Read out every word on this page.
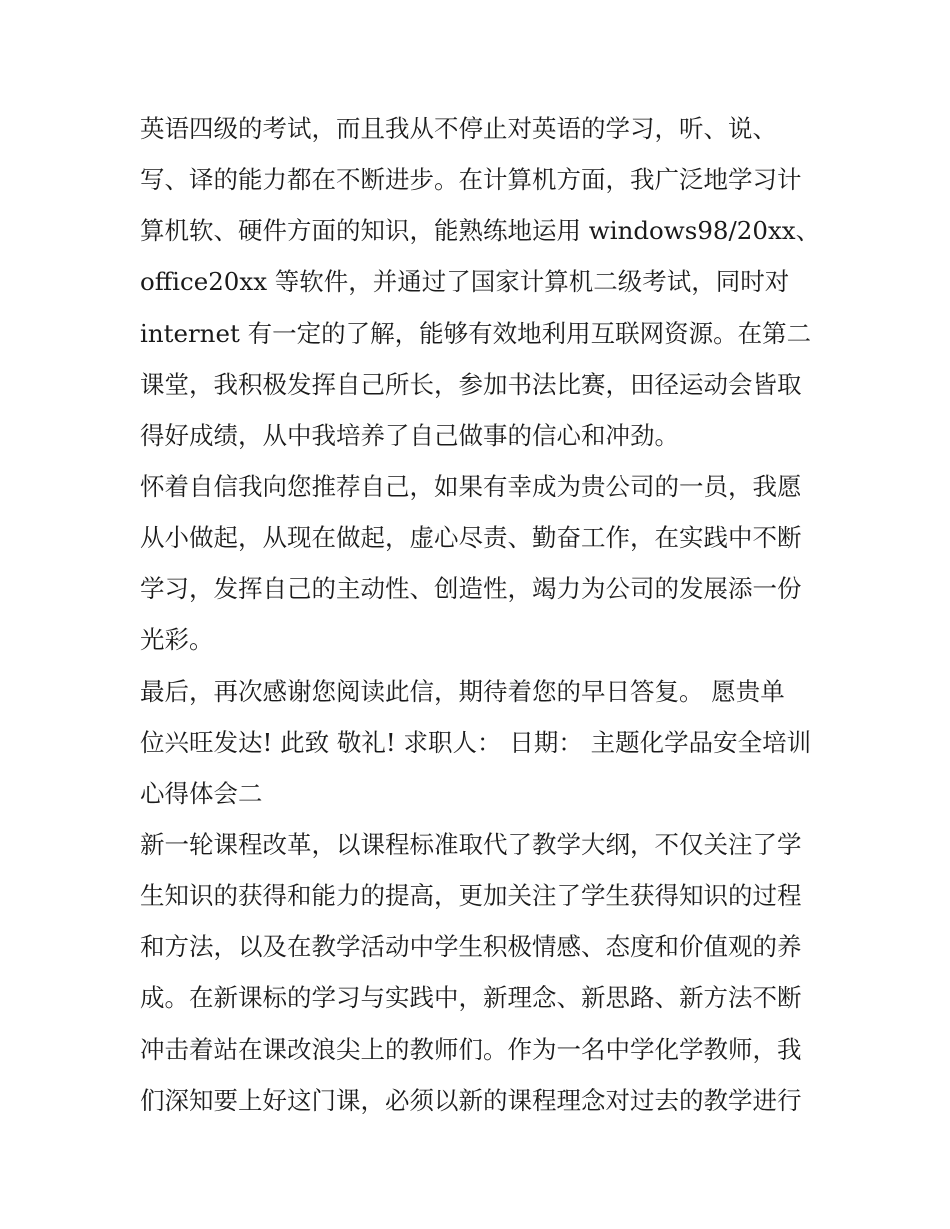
英语四级的考试，而且我从不停止对英语的学习，听、说、
写、译的能力都在不断进步。在计算机方面，我广泛地学习计
算机软、硬件方面的知识，能熟练地运用 windows98/20xx、
office20xx 等软件，并通过了国家计算机二级考试，同时对
internet 有一定的了解，能够有效地利用互联网资源。在第二
课堂，我积极发挥自己所长，参加书法比赛，田径运动会皆取
得好成绩，从中我培养了自己做事的信心和冲劲。
怀着自信我向您推荐自己，如果有幸成为贵公司的一员，我愿
从小做起，从现在做起，虚心尽责、勤奋工作，在实践中不断
学习，发挥自己的主动性、创造性，竭力为公司的发展添一份
光彩。
最后，再次感谢您阅读此信，期待着您的早日答复。 愿贵单
位兴旺发达! 此致 敬礼! 求职人： 日期： 主题化学品安全培训
心得体会二
新一轮课程改革，以课程标准取代了教学大纲，不仅关注了学
生知识的获得和能力的提高，更加关注了学生获得知识的过程
和方法，以及在教学活动中学生积极情感、态度和价值观的养
成。在新课标的学习与实践中，新理念、新思路、新方法不断
冲击着站在课改浪尖上的教师们。作为一名中学化学教师，我
们深知要上好这门课，必须以新的课程理念对过去的教学进行
